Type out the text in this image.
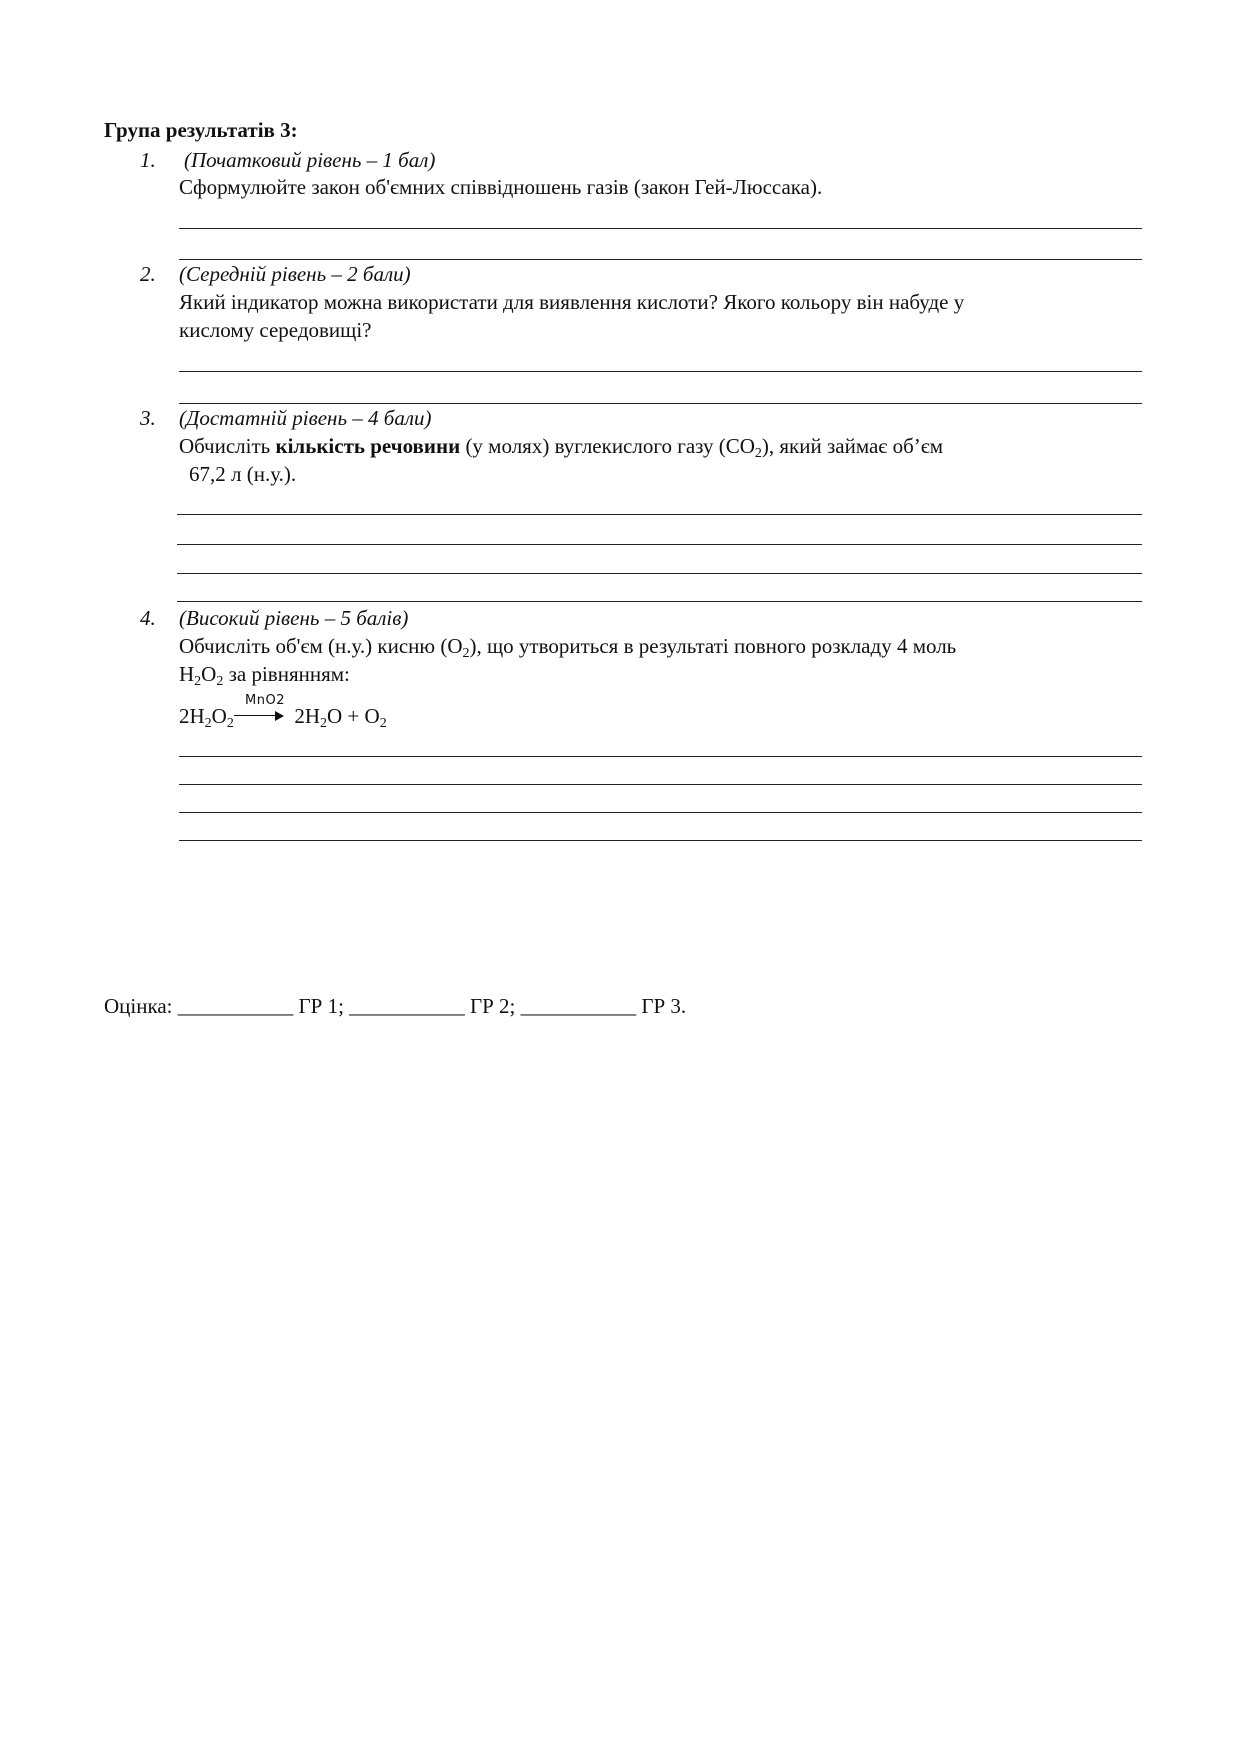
Група результатів 3:
1. (Початковий рівень – 1 бал)
Сформулюйте закон об'ємних співвідношень газів (закон Гей-Люссака).
2. (Середній рівень – 2 бали)
Який індикатор можна використати для виявлення кислоти? Якого кольору він набуде у
кислому середовищі?
3. (Достатній рівень – 4 бали)
Обчисліть кількість речовини (у молях) вуглекислого газу $(CO_2)$, який займає об’єм
67,2 л (н.у.).
4. (Високий рівень – 5 балів)
Обчисліть об'єм (н.у.) кисню $(O_2)$, що утвориться в результаті повного розкладу 4 моль
$H_2O_2$ за рівнянням:
MnO2
$2H_2O_2$	$2H_2O + O_2$
Оцінка: ___________ ГР 1; ___________ ГР 2; ___________ ГР 3.
